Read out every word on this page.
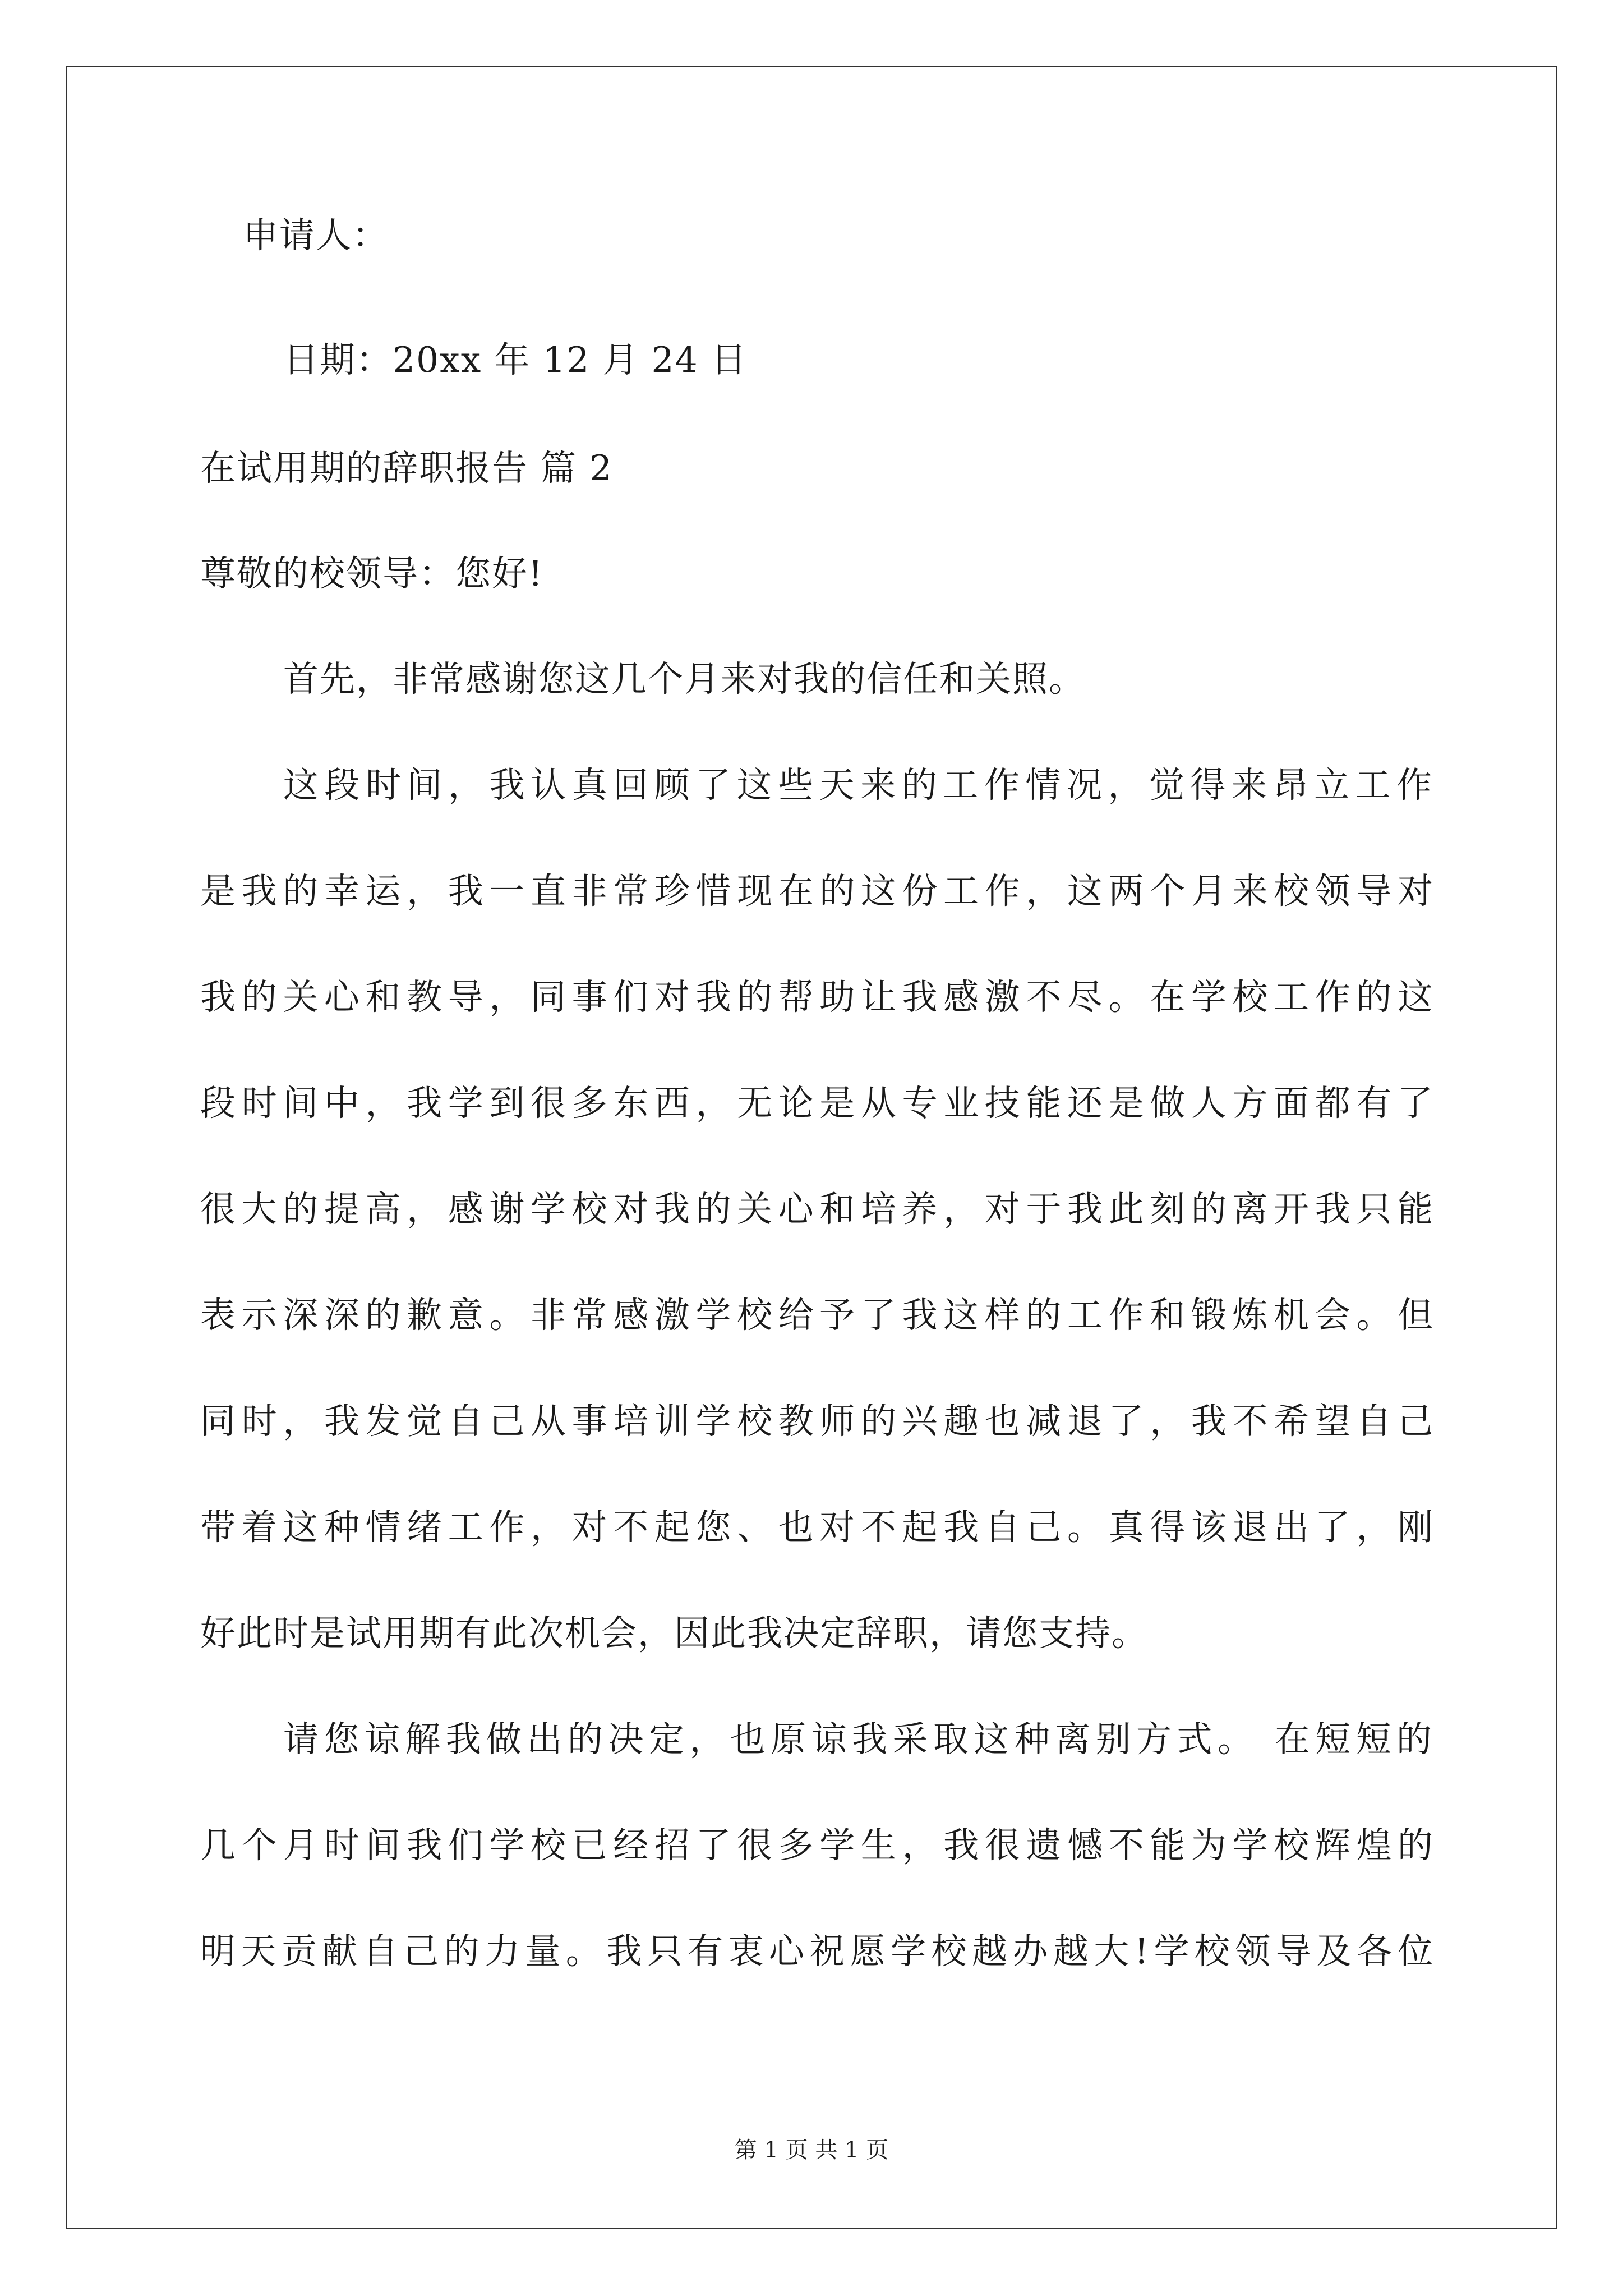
申请人：
日期：20xx 年 12 月 24 日
在试用期的辞职报告 篇 2
尊敬的校领导：您好!
首先，非常感谢您这几个月来对我的信任和关照。
这段时间，我认真回顾了这些天来的工作情况，觉得来昂立工作
是我的幸运，我一直非常珍惜现在的这份工作，这两个月来校领导对
我的关心和教导，同事们对我的帮助让我感激不尽。在学校工作的这
段时间中，我学到很多东西，无论是从专业技能还是做人方面都有了
很大的提高，感谢学校对我的关心和培养，对于我此刻的离开我只能
表示深深的歉意。非常感激学校给予了我这样的工作和锻炼机会。但
同时，我发觉自己从事培训学校教师的兴趣也减退了，我不希望自己
带着这种情绪工作，对不起您、也对不起我自己。真得该退出了，刚
好此时是试用期有此次机会，因此我决定辞职，请您支持。
请您谅解我做出的决定，也原谅我采取这种离别方式。 在短短的
几个月时间我们学校已经招了很多学生，我很遗憾不能为学校辉煌的
明天贡献自己的力量。我只有衷心祝愿学校越办越大!学校领导及各位
第 1 页 共 1 页
